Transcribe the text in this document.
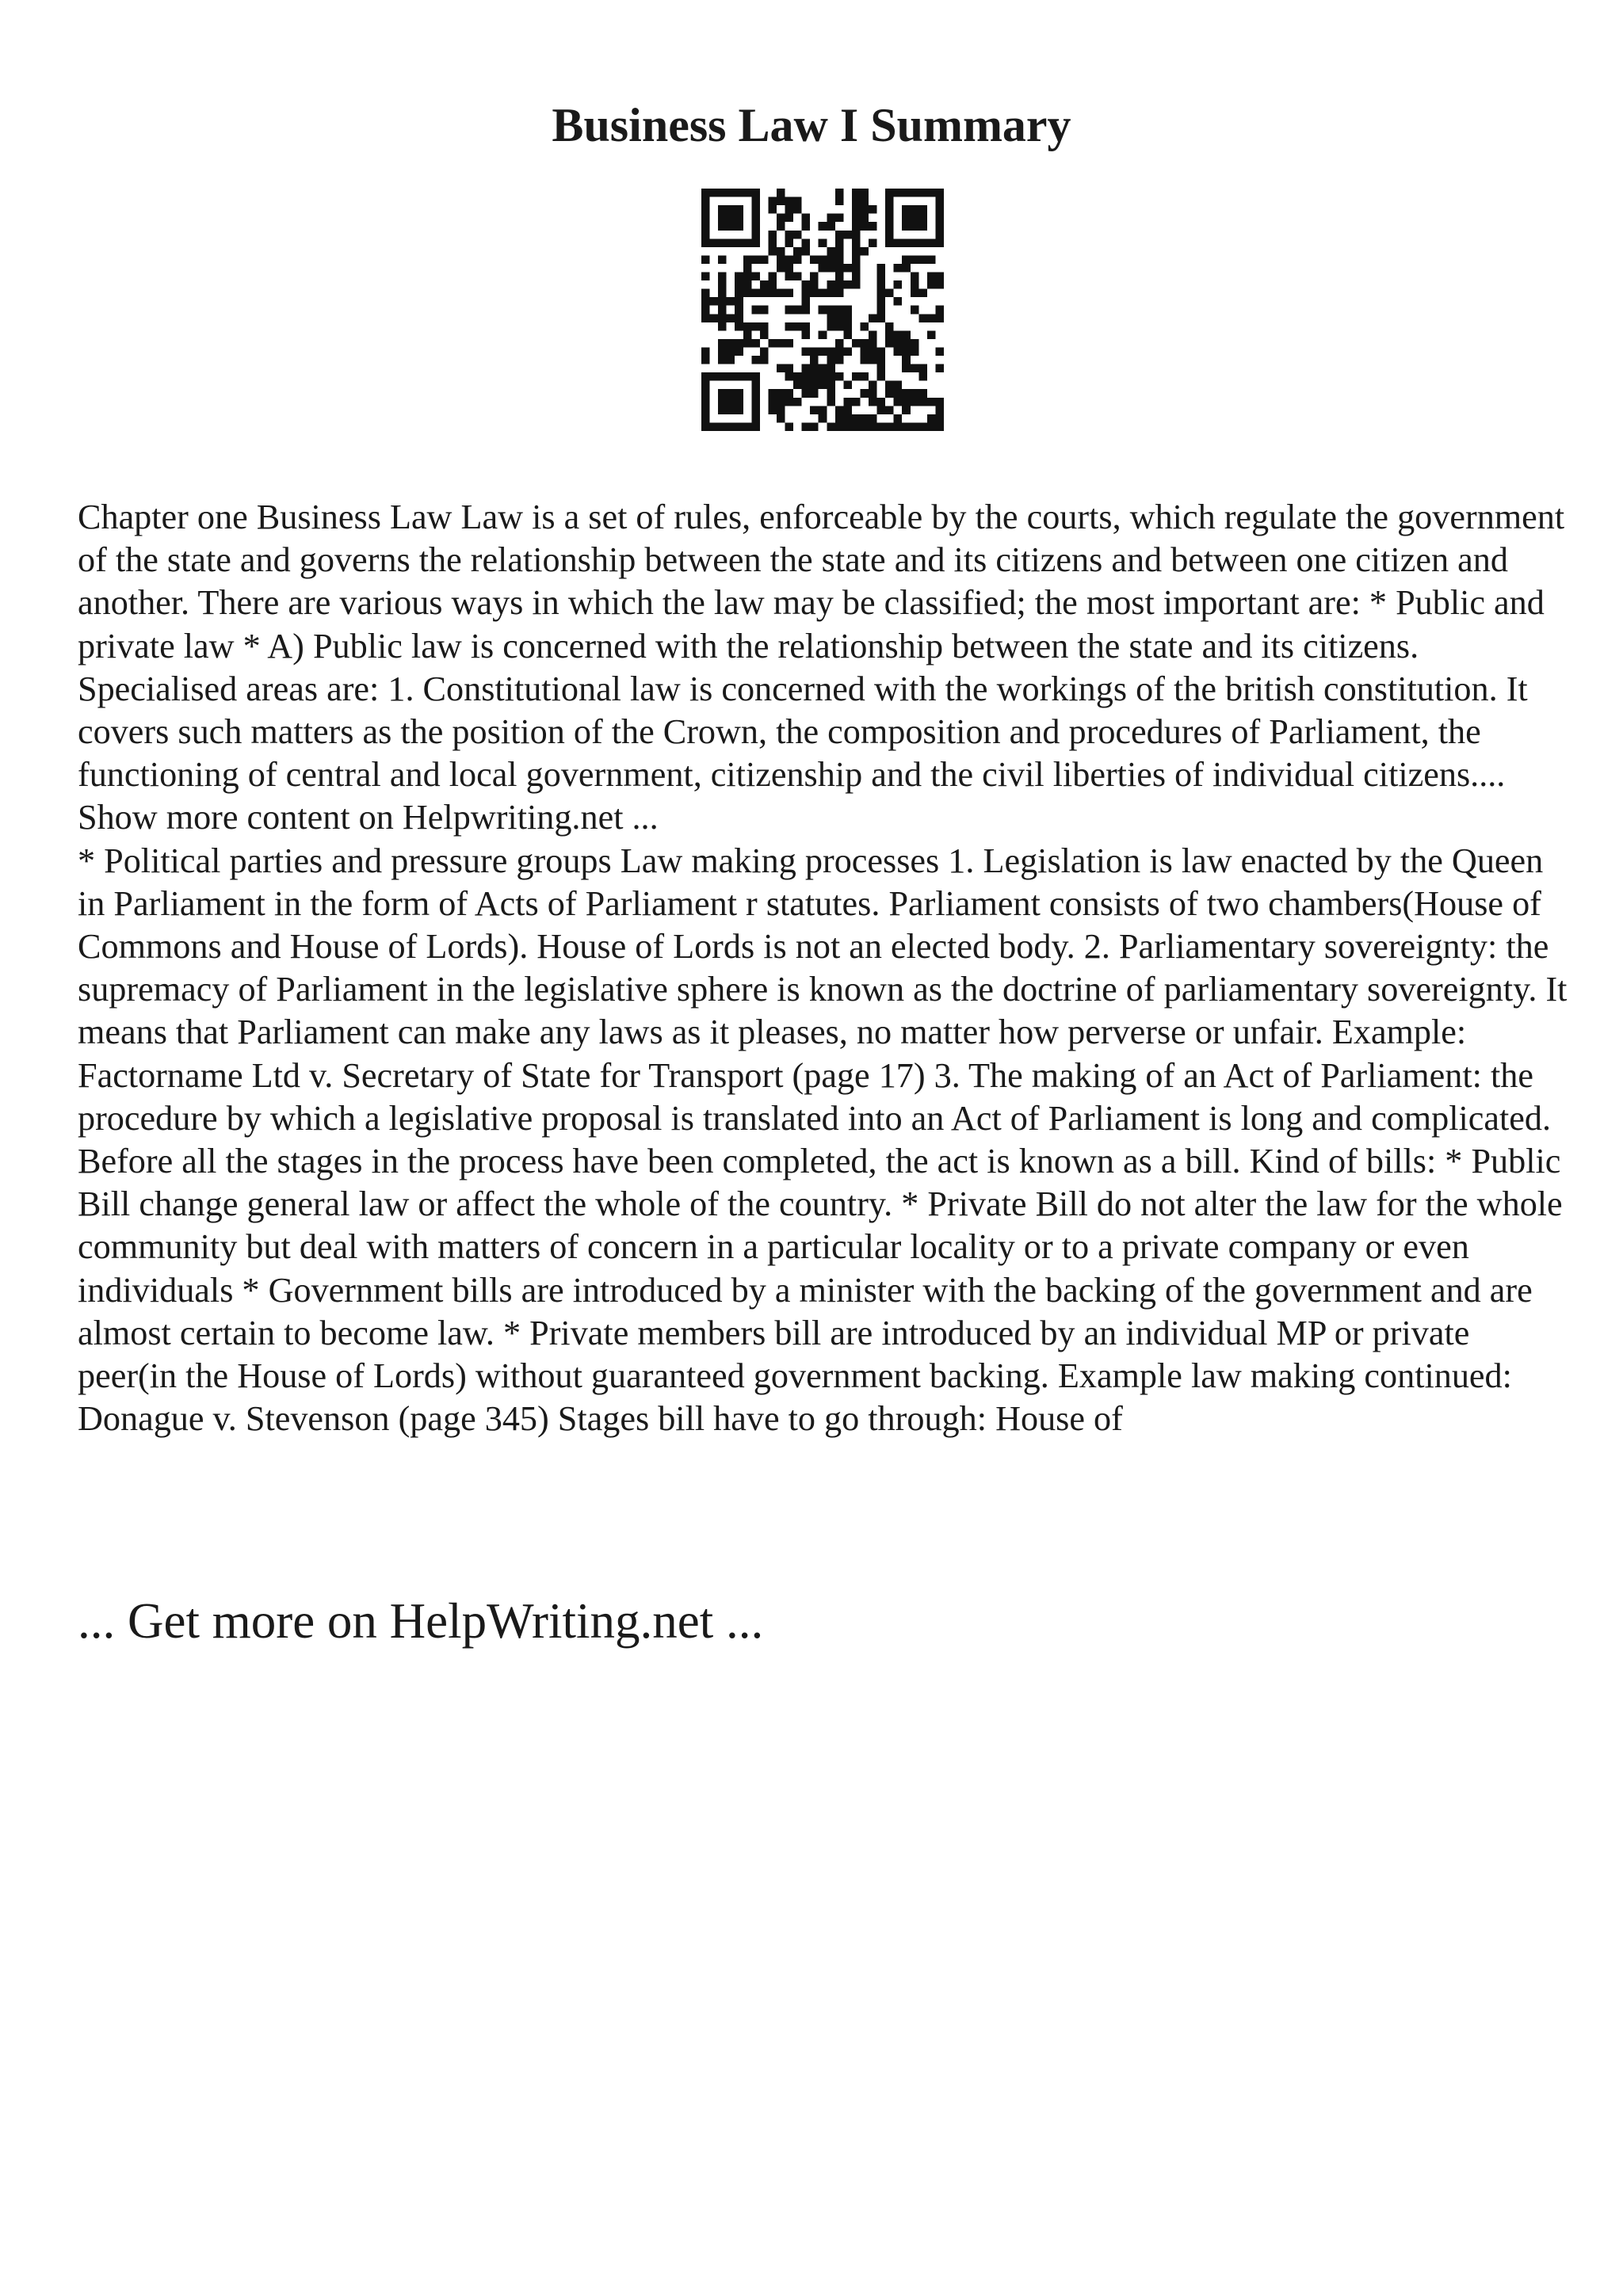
Business Law I Summary

Chapter one Business Law Law is a set of rules, enforceable by the courts, which regulate the government of the state and governs the relationship between the state and its citizens and between one citizen and another. There are various ways in which the law may be classified; the most important are: * Public and private law * A) Public law is concerned with the relationship between the state and its citizens. Specialised areas are: 1. Constitutional law is concerned with the workings of the british constitution. It covers such matters as the position of the Crown, the composition and procedures of Parliament, the functioning of central and local government, citizenship and the civil liberties of individual citizens.... Show more content on Helpwriting.net ...

* Political parties and pressure groups Law making processes 1. Legislation is law enacted by the Queen in Parliament in the form of Acts of Parliament r statutes. Parliament consists of two chambers(House of Commons and House of Lords). House of Lords is not an elected body. 2. Parliamentary sovereignty: the supremacy of Parliament in the legislative sphere is known as the doctrine of parliamentary sovereignty. It means that Parliament can make any laws as it pleases, no matter how perverse or unfair. Example: Factorname Ltd v. Secretary of State for Transport (page 17) 3. The making of an Act of Parliament: the procedure by which a legislative proposal is translated into an Act of Parliament is long and complicated. Before all the stages in the process have been completed, the act is known as a bill. Kind of bills: * Public Bill change general law or affect the whole of the country. * Private Bill do not alter the law for the whole community but deal with matters of concern in a particular locality or to a private company or even individuals * Government bills are introduced by a minister with the backing of the government and are almost certain to become law. * Private members bill are introduced by an individual MP or private peer(in the House of Lords) without guaranteed government backing. Example law making continued: Donague v. Stevenson (page 345) Stages bill have to go through: House of

... Get more on HelpWriting.net ...
